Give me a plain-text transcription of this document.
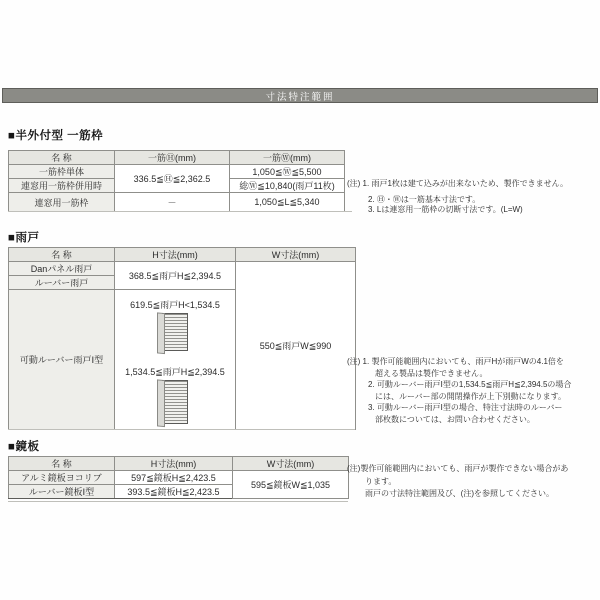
寸法特注範囲
■半外付型 一筋枠
名 称	一筋Ⓗ(mm)	一筋Ⓦ(mm)
一筋枠単体	336.5≦Ⓗ≦2,362.5	1,050≦Ⓦ≦5,500
連窓用一筋枠併用時		総Ⓦ≦10,840(雨戸11枚)
連窓用一筋枠	－	1,050≦L≦5,340
(注) 1. 雨戸1枚は建て込みが出来ないため、製作できません。
2. Ⓗ・Ⓦは一筋基本寸法です。
3. Lは連窓用一筋枠の切断寸法です。(L=W)
■雨戸
名 称	H寸法(mm)	W寸法(mm)
Danパネル雨戸	368.5≦雨戸H≦2,394.5	550≦雨戸W≦990
ルーバー雨戸		
可動ルーバー雨戸Ⅰ型	619.5≦雨戸H<1,534.5
1,534.5≦雨戸H≦2,394.5	
(注) 1. 製作可能範囲内においても、雨戸Hが雨戸Wの4.1倍を
超える製品は製作できません。
2. 可動ルーバー雨戸Ⅰ型の1,534.5≦雨戸H≦2,394.5の場合
には、ルーバー部の開閉操作が上下別動になります。
3. 可動ルーバー雨戸Ⅰ型の場合、特注寸法時のルーバー
部枚数については、お問い合わせください。
■鏡板
名 称	H寸法(mm)	W寸法(mm)
アルミ鏡板ヨコリブ	597≦鏡板H≦2,423.5	595≦鏡板W≦1,035
ルーバー鏡板Ⅰ型	393.5≦鏡板H≦2,423.5	
(注)製作可能範囲内においても、雨戸が製作できない場合があ
ります。
雨戸の寸法特注範囲及び、(注)を参照してください。
